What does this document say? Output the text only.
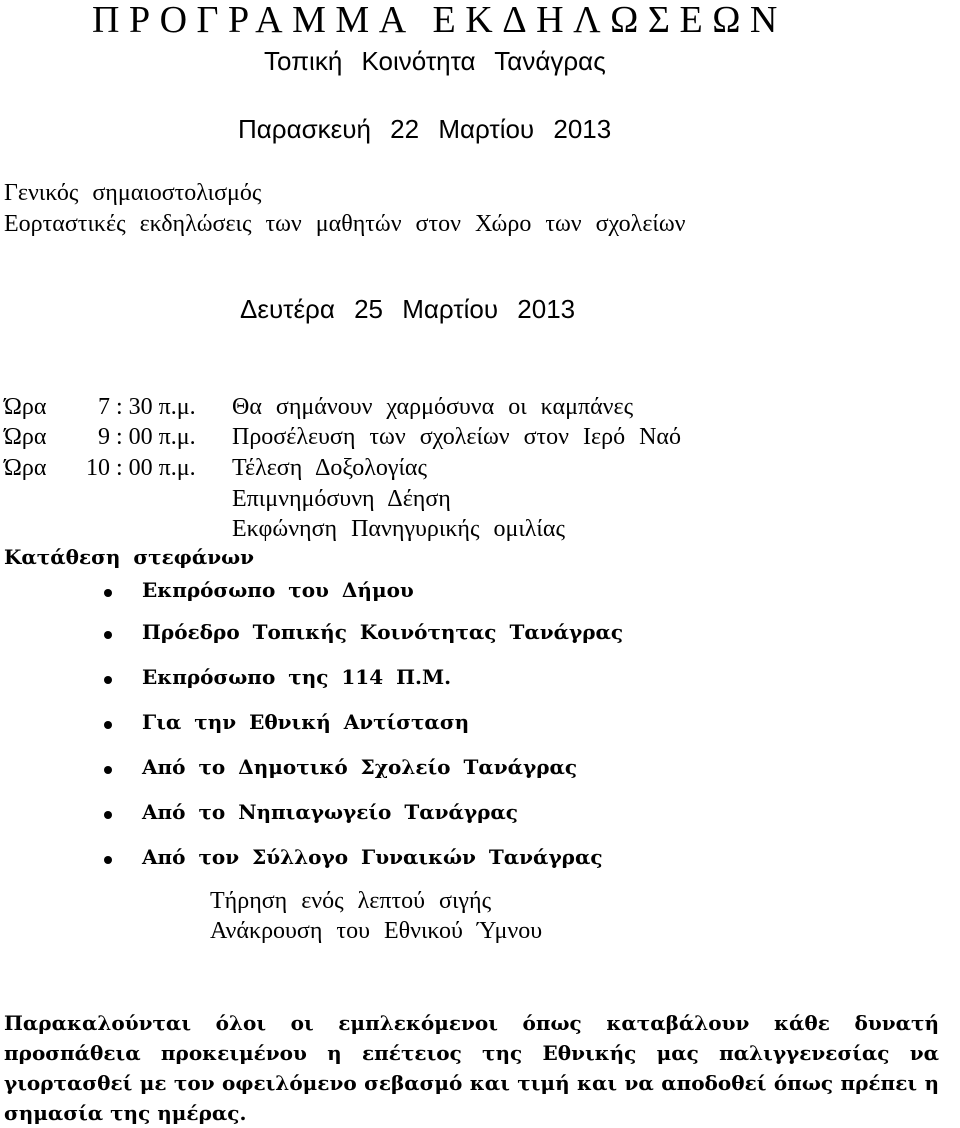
ΠΡΟΓΡΑΜΜΑ ΕΚΔΗΛΩΣΕΩΝ
Τοπική Κοινότητα Τανάγρας
Παρασκευή 22 Μαρτίου 2013
Γενικός σημαιοστολισμός
Εορταστικές εκδηλώσεις των μαθητών στον Χώρο των σχολείων
Δευτέρα 25 Μαρτίου 2013
Ώρα 7 : 30 π.μ. Θα σημάνουν χαρμόσυνα οι καμπάνες
Ώρα 9 : 00 π.μ. Προσέλευση των σχολείων στον Ιερό Ναό
Ώρα 10 : 00 π.μ. Τέλεση Δοξολογίας
Επιμνημόσυνη Δέηση
Εκφώνηση Πανηγυρικής ομιλίας
Κατάθεση στεφάνων
Εκπρόσωπο του Δήμου
Πρόεδρο Τοπικής Κοινότητας Τανάγρας
Εκπρόσωπο της 114 Π.Μ.
Για την Εθνική Αντίσταση
Από το Δημοτικό Σχολείο Τανάγρας
Από το Νηπιαγωγείο Τανάγρας
Από τον Σύλλογο Γυναικών Τανάγρας
Τήρηση ενός λεπτού σιγής
Ανάκρουση του Εθνικού Ύμνου
Παρακαλούνται όλοι οι εμπλεκόμενοι όπως καταβάλουν κάθε δυνατή προσπάθεια προκειμένου η επέτειος της Εθνικής μας παλιγγενεσίας να γιορτασθεί με τον οφειλόμενο σεβασμό και τιμή και να αποδοθεί όπως πρέπει η σημασία της ημέρας.
